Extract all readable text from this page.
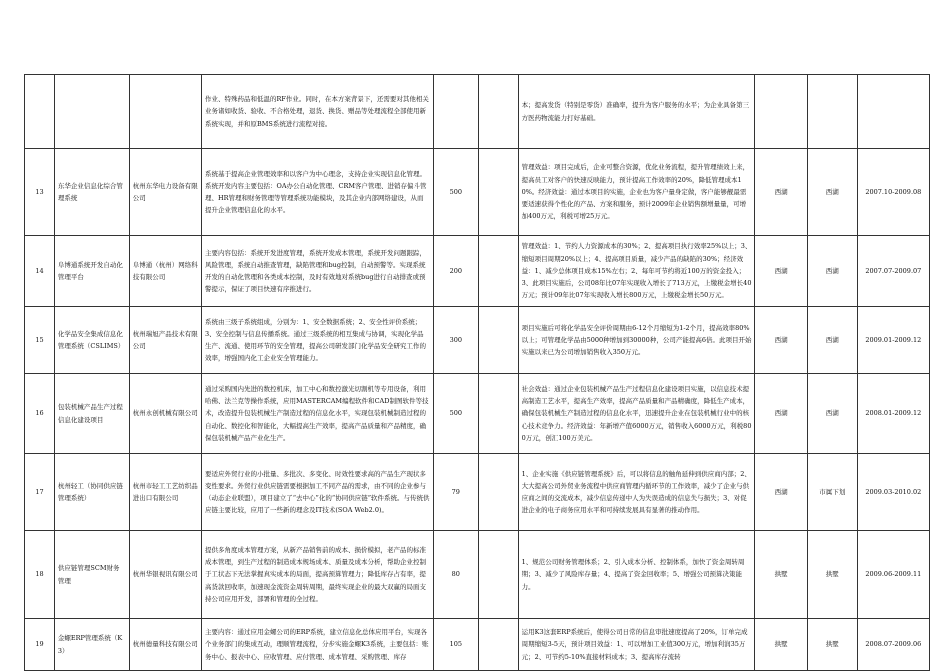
			作业、特殊药品和低温的RF作业。同时，在本方案背景下，还需要对其他相关业务诸如收货、验收、不合格处理，退货、换货、赠品等处理流程全部使用新系统实现，并和原BMS系统进行流程对接。			本；提高发货（特别是零货）准确率，提升为客户服务的水平；为企业具备第三方医药物流能力打好基础。			
13	东华企业信息化综合管理系统	杭州东华电力设备有限公司	系统基于提高企业管理效率和以客户为中心理念，支持企业实现信息化管理。系统开发内容主要包括：OA办公自动化管理、CRM客户管理、进销存偏斗管理、HR管理和财务管理等管理系统功能模块，及其企业内部网络建设，从而提升企业管理信息化的水平。	500		管理效益：项目完成后，企业可整合资源，优化业务流程，提升管理绩效上来，提高员工对客户的快速反映能力，预计提高工作效率的20%，降低管理成本10%。经济效益：通过本项目的实施，企业也为客户量身定做，客户能够靓最需要适速获得个性化的产品、方案和服务，预计2009年企业销售额增量量，可增加400万元，利税可增25万元。	西湖	西湖	2007.10-2009.08
14	阜博通系统开发自动化管理平台	阜博通（杭州）网络科技有限公司	主要内容包括：系统开发进度管理，系统开发成本管理，系统开发问题跟踪，风险管理，系统自动推查管理，缺陷管理和bug控制，自动预警等。实现系统开发的自动化管理和各类成本控制，及时有效地对系统bug进行自动排查或预警提示，保证了项目快速有序推进行。	200		管理效益：1、节约人力资源成本的30%；2、提高项目执行效率25%以上；3、缩短项目周期20%以上；4、提高项目质量，减少产品的缺陷的30%；经济效益：1、减少总体项目成本15%左右；2、每年可节约将近100万的资金投入；3、此项目实施后，公司08年比07年实现收入增长了713万元，上缴税金增长40万元；预计09年比07年实现收入增长800万元，上缴税金增长50万元。	西湖	西湖	2007.07-2009.07
15	化学品安全集成信息化管理系统（CSLIMS）	杭州瑞旭产品技术有限公司	系统由三级子系统组成，分别为：1、安全数据系统；2、安全性评价系统；3、安全控制与信息传播系统。通过三级系统的相互集成与协调，实现化学品生产、流通、使用环节的安全管理，提高公司研发部门化学品安全研究工作的效率，增强国内化工企业安全管理能力。	300		项目实施后可将化学品安全评价周期由6-12个月缩短为1-2个月，提高效率80%以上；可管理化学品由5000种增加到30000种，公司产能提高6倍。此项目开始实施以来已为公司增加销售收入350万元。	西湖	西湖	2009.01-2009.12
16	包装机械产品生产过程信息化建设项目	杭州永创机械有限公司	通过采购国内先进的数控机床，加工中心和数控激光切割机等专用设备，利用哈佛、法兰克等操作系统，应用MASTERCAM编程软件和CAD制图软件等技术，改造提升包装机械生产制造过程的信息化水平，实现包装机械制造过程的自动化、数控化和智能化，大幅提高生产效率，提高产品质量和产品精度，确保包装机械产品产业化生产。	500		社会效益：通过企业包装机械产品生产过程信息化建设项目实施，以信息技术提高制造工艺水平，提高生产效率，提高产品质量和产品精确度，降低生产成本，确保包装机械生产制造过程的信息化水平，迅速提升企业在包装机械行业中的核心技术竞争力。经济效益：年新增产值6000万元，销售收入6000万元，利税800万元，创汇100万美元。	西湖	西湖	2008.01-2009.12
17	杭州轻工（协同供应链管理系统）	杭州市轻工工艺纺织品进出口有限公司	要适应外贸行业的小批量、多批次、多变化、时效性要求高的产品生产现状多变性要求。外贸行业供应链需要根据加工不同产品的需求，由不同的企业参与（动态企业联盟），项目建立了“去中心”化的“协同供应链”软件系统。与传统供应链主要比较，应用了一些新的理念及IT技术(SOA Web2.0)。	79		1、企业实施《供应链管理系统》后，可以将信息的触角延伸到供应商内部；2、大大提高公司外贸业务流程中供应商管理内循环节的工作效率，减少了企业与供应商之间的交流成本，减少信息传递中人为失误造成的信息失与损失；3、对促进企业的电子商务应用水平和可持续发展具有显著的推动作用。	西湖	市属下划	2009.03-2010.02
18	供应链管理SCM财务管理	杭州华银视讯有限公司	提供多角度成本管理方案，从新产品销售前的成本、损价模拟，老产品的标准成本管理，到生产过程的制造成本规场成本、质量及成本分析，帮助企业控制于工状态下无法掌握真实成本的局面，提高预算管理力；降低库存占有率，提高货款回收率，加速现金流资金周转周期，最终实现企业的最大双赢的局面支持公司应用开发，部署和管理的全过程。	80		1、规范公司财务管理体系；2、引入成本分析、控制体系，加快了资金周转周期；3、减少了风险库存量；4、提高了资金回收率；5、增强公司预算决策能力。	拱墅	拱墅	2009.06-2009.11
19	金螺ERP管理系统（K3）	杭州德量科技有限公司	主要内容：通过应用金螺公司的ERP系统，建立信息化总体应用平台，实现各个业务部门的集成互动，理顺管理流程，分步实施金螺K3系统，主要包括：账务中心、报表中心、应收管理、应付管理、成本管理、采购管理、库存	105		运用K3这套ERP系统后，使得公司日常的信息审批速度提高了20%，订单完成周期缩短3-5天，预计项目效益：1、可以增加工业值300万元，增加利润35万元；2、可节约5-10%直接材料成本；3、提高库存流转	拱墅	拱墅	2008.07-2009.06
